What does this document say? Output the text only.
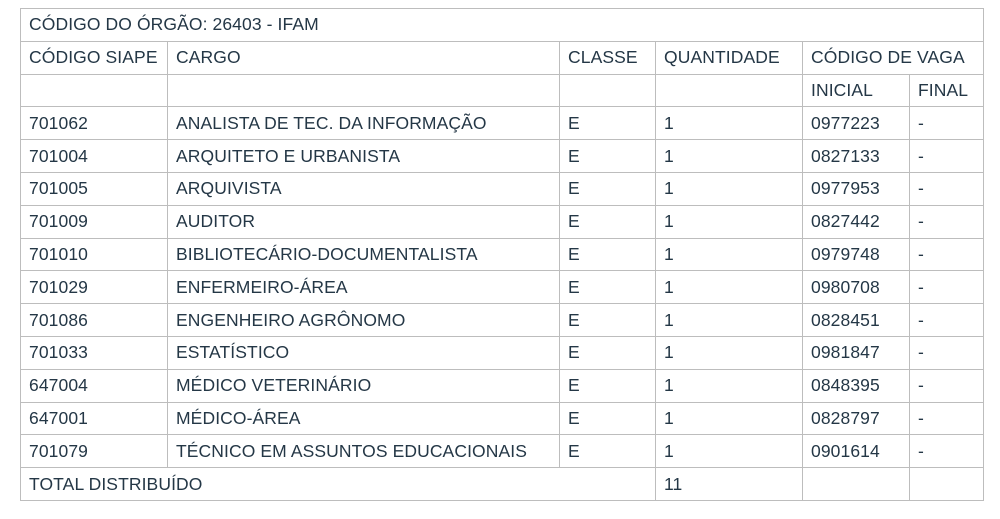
CÓDIGO DO ÓRGÃO: 26403 - IFAM					
CÓDIGO SIAPE	CARGO	CLASSE	QUANTIDADE	CÓDIGO DE VAGA	
				INICIAL	FINAL
701062	ANALISTA DE TEC. DA INFORMAÇÃO	E	1	0977223	-
701004	ARQUITETO E URBANISTA	E	1	0827133	-
701005	ARQUIVISTA	E	1	0977953	-
701009	AUDITOR	E	1	0827442	-
701010	BIBLIOTECÁRIO-DOCUMENTALISTA	E	1	0979748	-
701029	ENFERMEIRO-ÁREA	E	1	0980708	-
701086	ENGENHEIRO AGRÔNOMO	E	1	0828451	-
701033	ESTATÍSTICO	E	1	0981847	-
647004	MÉDICO VETERINÁRIO	E	1	0848395	-
647001	MÉDICO-ÁREA	E	1	0828797	-
701079	TÉCNICO EM ASSUNTOS EDUCACIONAIS	E	1	0901614	-
TOTAL DISTRIBUÍDO			11		
